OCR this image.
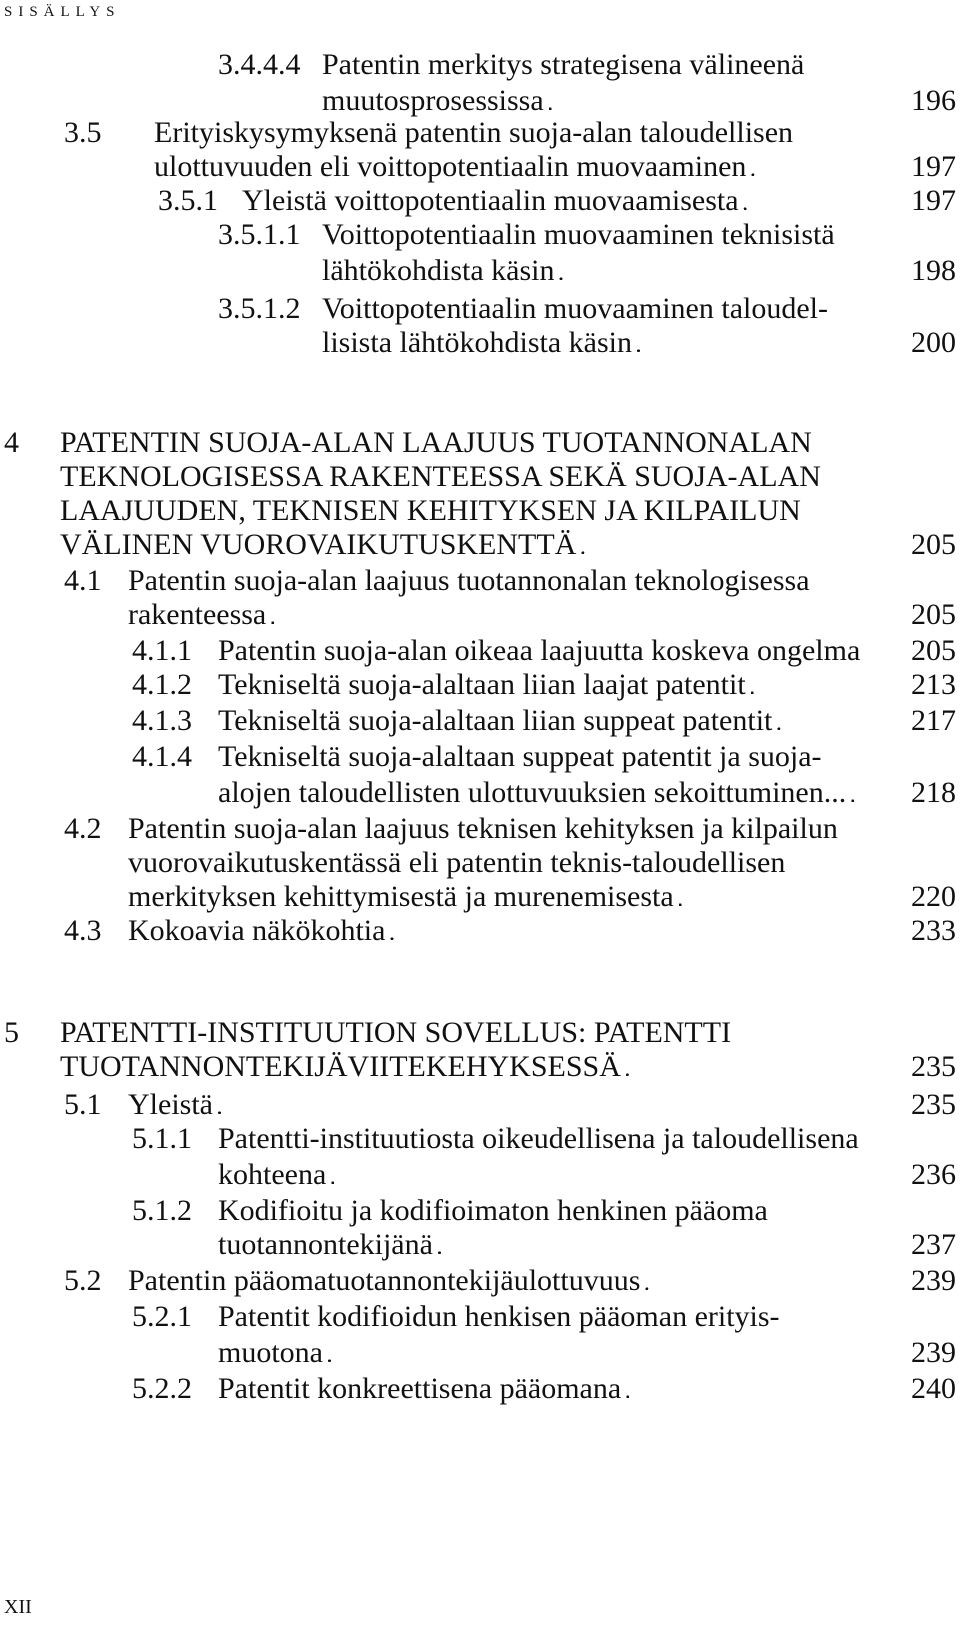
SISÄLLYS
3.4.4.4 Patentin merkitys strategisena välineenä
muutosprosessissa . . .	196
3.5 Erityiskysymyksenä patentin suoja-alan taloudellisen
ulottuvuuden eli voittopotentiaalin muovaaminen . . .	197
3.5.1 Yleistä voittopotentiaalin muovaamisesta . . .	197
3.5.1.1 Voittopotentiaalin muovaaminen teknisistä
lähtökohdista käsin . . .	198
3.5.1.2 Voittopotentiaalin muovaaminen taloudel-
lisista lähtökohdista käsin . . .	200
4 PATENTIN SUOJA-ALAN LAAJUUS TUOTANNONALAN
TEKNOLOGISESSA RAKENTEESSA SEKÄ SUOJA-ALAN
LAAJUUDEN, TEKNISEN KEHITYKSEN JA KILPAILUN
VÄLINEN VUOROVAIKUTUSKENTTÄ . . .	205
4.1 Patentin suoja-alan laajuus tuotannonalan teknologisessa
rakenteessa . . .	205
4.1.1 Patentin suoja-alan oikeaa laajuutta koskeva ongelma 205
4.1.2 Tekniseltä suoja-alaltaan liian laajat patentit . . .	213
4.1.3 Tekniseltä suoja-alaltaan liian suppeat patentit . . .	217
4.1.4 Tekniseltä suoja-alaltaan suppeat patentit ja suoja-
alojen taloudellisten ulottuvuuksien sekoittuminen... . . . 218
4.2 Patentin suoja-alan laajuus teknisen kehityksen ja kilpailun
vuorovaikutuskentässä eli patentin teknis-taloudellisen
merkityksen kehittymisestä ja murenemisesta . . .	220
4.3 Kokoavia näkökohtia . . .	233
5 PATENTTI-INSTITUUTION SOVELLUS: PATENTTI
TUOTANNONTEKIJÄVIITEKEHYKSESSÄ . . .	235
5.1 Yleistä . . .	235
5.1.1 Patentti-instituutiosta oikeudellisena ja taloudellisena
kohteena . . .	236
5.1.2 Kodifioitu ja kodifioimaton henkinen pääoma
tuotannontekijänä . . .	237
5.2 Patentin pääomatuotannontekijäulottuvuus . . .	239
5.2.1 Patentit kodifioidun henkisen pääoman erityis-
muotona . . .	239
5.2.2 Patentit konkreettisena pääomana . . .	240
XII
